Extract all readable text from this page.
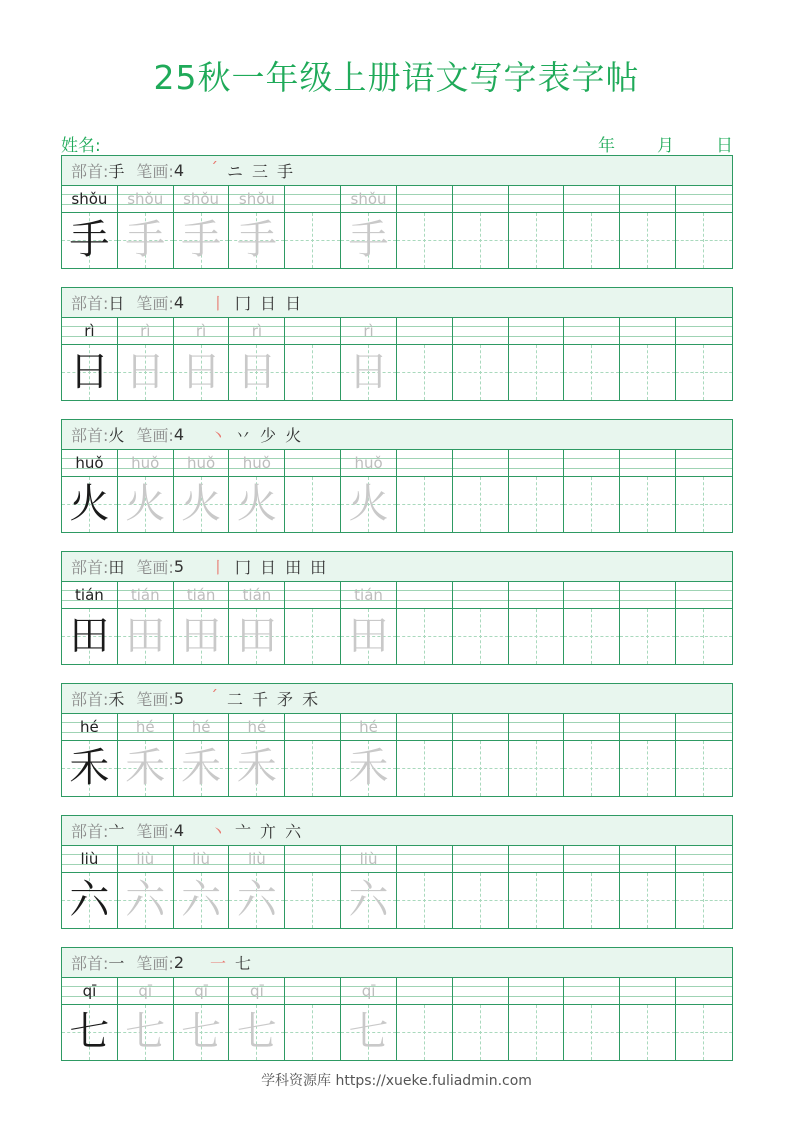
25秋一年级上册语文写字表字帖
姓名:	年 月 日
部首: 手 笔画: 4 ˊ ニ 三 手
shǒu
手
shǒu
手
shǒu
手
shǒu
手
shǒu
手
部首: 日 笔画: 4 丨 冂 日 日
rì
日
rì
日
rì
日
rì
日
rì
日
部首: 火 笔画: 4 丶 丷 少 火
huǒ
火
huǒ
火
huǒ
火
huǒ
火
huǒ
火
部首: 田 笔画: 5 丨 冂 日 田 田
tián
田
tián
田
tián
田
tián
田
tián
田
部首: 禾 笔画: 5 ˊ 二 千 矛 禾
hé
禾
hé
禾
hé
禾
hé
禾
hé
禾
部首: 亠 笔画: 4 丶 亠 亣 六
liù
六
liù
六
liù
六
liù
六
liù
六
部首: 一 笔画: 2 一 七
qī
七
qī
七
qī
七
qī
七
qī
七
学科资源库 https://xueke.fuliadmin.com
